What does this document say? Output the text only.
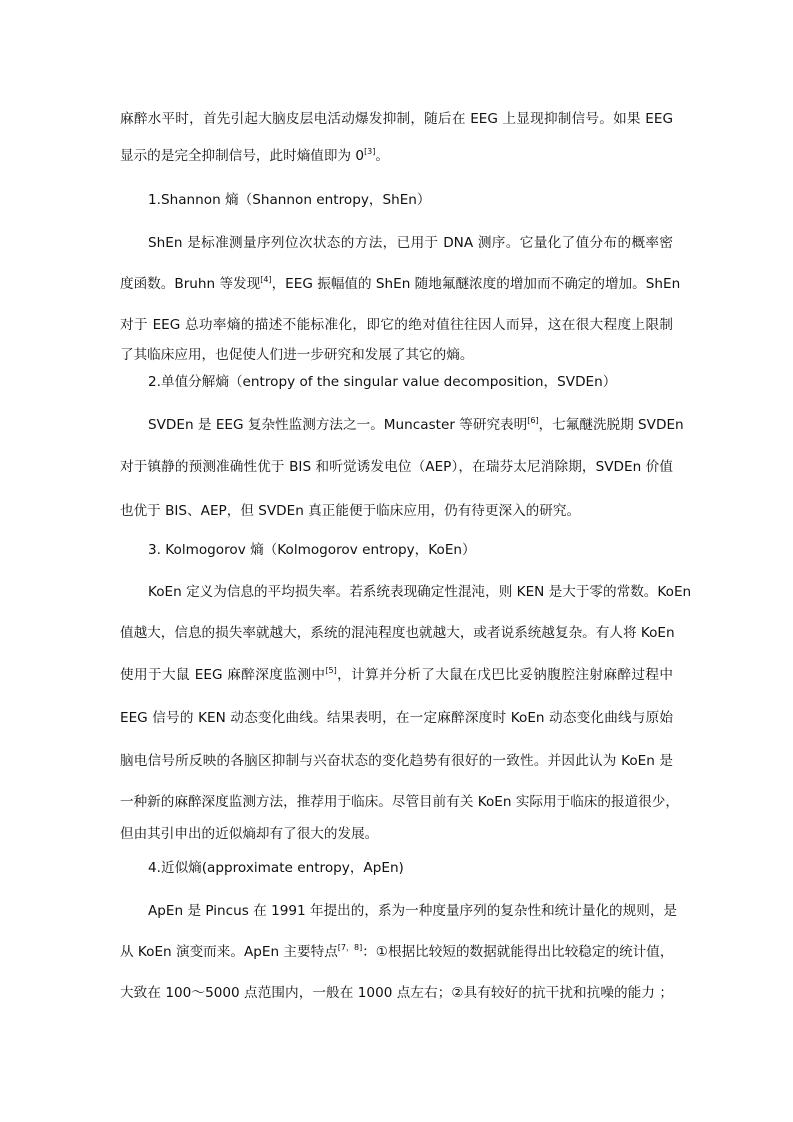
麻醉水平时，首先引起大脑皮层电活动爆发抑制，随后在 EEG 上显现抑制信号。如果 EEG
显示的是完全抑制信号，此时熵值即为 0[3]。
1.Shannon 熵（Shannon entropy，ShEn）
ShEn 是标准测量序列位次状态的方法，已用于 DNA 测序。它量化了值分布的概率密
度函数。Bruhn 等发现[4]，EEG 振幅值的 ShEn 随地氟醚浓度的增加而不确定的增加。ShEn
对于 EEG 总功率熵的描述不能标准化，即它的绝对值往往因人而异，这在很大程度上限制
了其临床应用，也促使人们进一步研究和发展了其它的熵。
2.单值分解熵（entropy of the singular value decomposition，SVDEn）
SVDEn 是 EEG 复杂性监测方法之一。Muncaster 等研究表明[6]，七氟醚洗脱期 SVDEn
对于镇静的预测准确性优于 BIS 和听觉诱发电位（AEP），在瑞芬太尼消除期，SVDEn 价值
也优于 BIS、AEP，但 SVDEn 真正能便于临床应用，仍有待更深入的研究。
3. Kolmogorov 熵（Kolmogorov entropy，KoEn）
KoEn 定义为信息的平均损失率。若系统表现确定性混沌，则 KEN 是大于零的常数。KoEn
值越大，信息的损失率就越大，系统的混沌程度也就越大，或者说系统越复杂。有人将 KoEn
使用于大鼠 EEG 麻醉深度监测中[5]，计算并分析了大鼠在戊巴比妥钠腹腔注射麻醉过程中
EEG 信号的 KEN 动态变化曲线。结果表明，在一定麻醉深度时 KoEn 动态变化曲线与原始
脑电信号所反映的各脑区抑制与兴奋状态的变化趋势有很好的一致性。并因此认为 KoEn 是
一种新的麻醉深度监测方法，推荐用于临床。尽管目前有关 KoEn 实际用于临床的报道很少，
但由其引申出的近似熵却有了很大的发展。
4.近似熵(approximate entropy，ApEn)
ApEn 是 Pincus 在 1991 年提出的，系为一种度量序列的复杂性和统计量化的规则，是
从 KoEn 演变而来。ApEn 主要特点[7，8]：①根据比较短的数据就能得出比较稳定的统计值，
大致在 100～5000 点范围内，一般在 1000 点左右；②具有较好的抗干扰和抗噪的能力 ；
